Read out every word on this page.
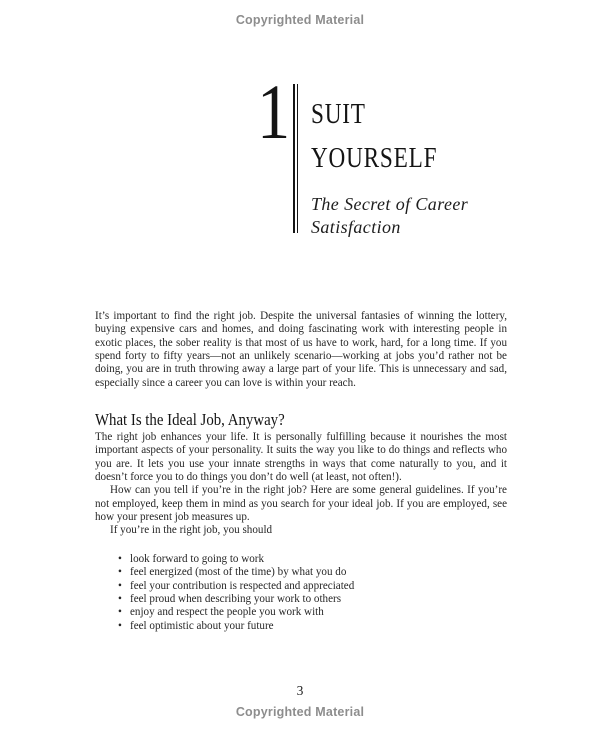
Copyrighted Material
1 SUIT
YOURSELF
The Secret of Career
Satisfaction

It’s important to find the right job. Despite the universal fantasies of winning the lottery, buying expensive cars and homes, and doing fascinating work with interesting people in exotic places, the sober reality is that most of us have to work, hard, for a long time. If you spend forty to fifty years—not an unlikely scenario—working at jobs you’d rather not be doing, you are in truth throwing away a large part of your life. This is unnecessary and sad, especially since a career you can love is within your reach.

What Is the Ideal Job, Anyway?

The right job enhances your life. It is personally fulfilling because it nourishes the most important aspects of your personality. It suits the way you like to do things and reflects who you are. It lets you use your innate strengths in ways that come naturally to you, and it doesn’t force you to do things you don’t do well (at least, not often!).

How can you tell if you’re in the right job? Here are some general guidelines. If you’re not employed, keep them in mind as you search for your ideal job. If you are employed, see how your present job measures up.

If you’re in the right job, you should

• look forward to going to work
• feel energized (most of the time) by what you do
• feel your contribution is respected and appreciated
• feel proud when describing your work to others
• enjoy and respect the people you work with
• feel optimistic about your future
3
Copyrighted Material
